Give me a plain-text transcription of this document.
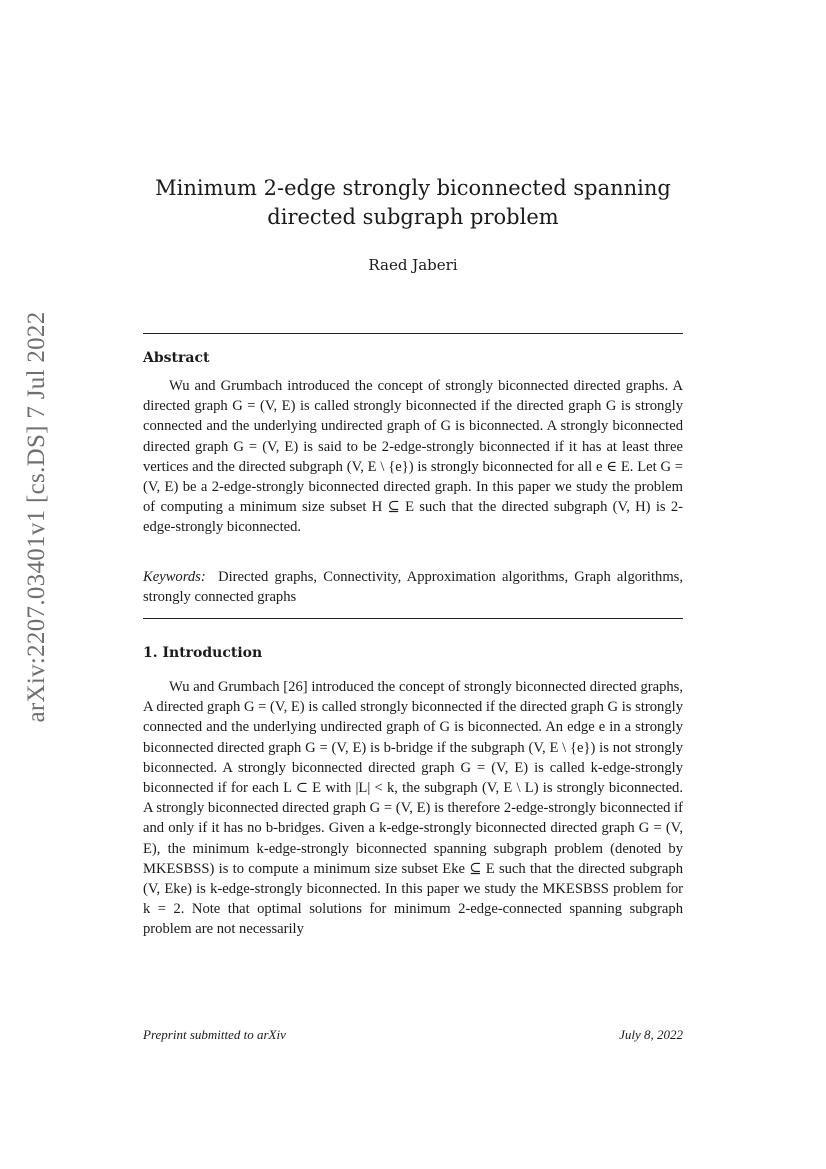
arXiv:2207.03401v1 [cs.DS] 7 Jul 2022
Minimum 2-edge strongly biconnected spanning directed subgraph problem
Raed Jaberi
Abstract
Wu and Grumbach introduced the concept of strongly biconnected directed graphs. A directed graph G = (V, E) is called strongly biconnected if the directed graph G is strongly connected and the underlying undirected graph of G is biconnected. A strongly biconnected directed graph G = (V, E) is said to be 2-edge-strongly biconnected if it has at least three vertices and the directed subgraph (V, E \ {e}) is strongly biconnected for all e ∈ E. Let G = (V, E) be a 2-edge-strongly biconnected directed graph. In this paper we study the problem of computing a minimum size subset H ⊆ E such that the directed subgraph (V, H) is 2-edge-strongly biconnected.
Keywords: Directed graphs, Connectivity, Approximation algorithms, Graph algorithms, strongly connected graphs
1. Introduction
Wu and Grumbach [26] introduced the concept of strongly biconnected directed graphs, A directed graph G = (V, E) is called strongly biconnected if the directed graph G is strongly connected and the underlying undirected graph of G is biconnected. An edge e in a strongly biconnected directed graph G = (V, E) is b-bridge if the subgraph (V, E \ {e}) is not strongly biconnected. A strongly biconnected directed graph G = (V, E) is called k-edge-strongly biconnected if for each L ⊂ E with |L| < k, the subgraph (V, E \ L) is strongly biconnected. A strongly biconnected directed graph G = (V, E) is therefore 2-edge-strongly biconnected if and only if it has no b-bridges. Given a k-edge-strongly biconnected directed graph G = (V, E), the minimum k-edge-strongly biconnected spanning subgraph problem (denoted by MKESBSS) is to compute a minimum size subset Eke ⊆ E such that the directed subgraph (V, Eke) is k-edge-strongly biconnected. In this paper we study the MKESBSS problem for k = 2. Note that optimal solutions for minimum 2-edge-connected spanning subgraph problem are not necessarily
Preprint submitted to arXiv	July 8, 2022
